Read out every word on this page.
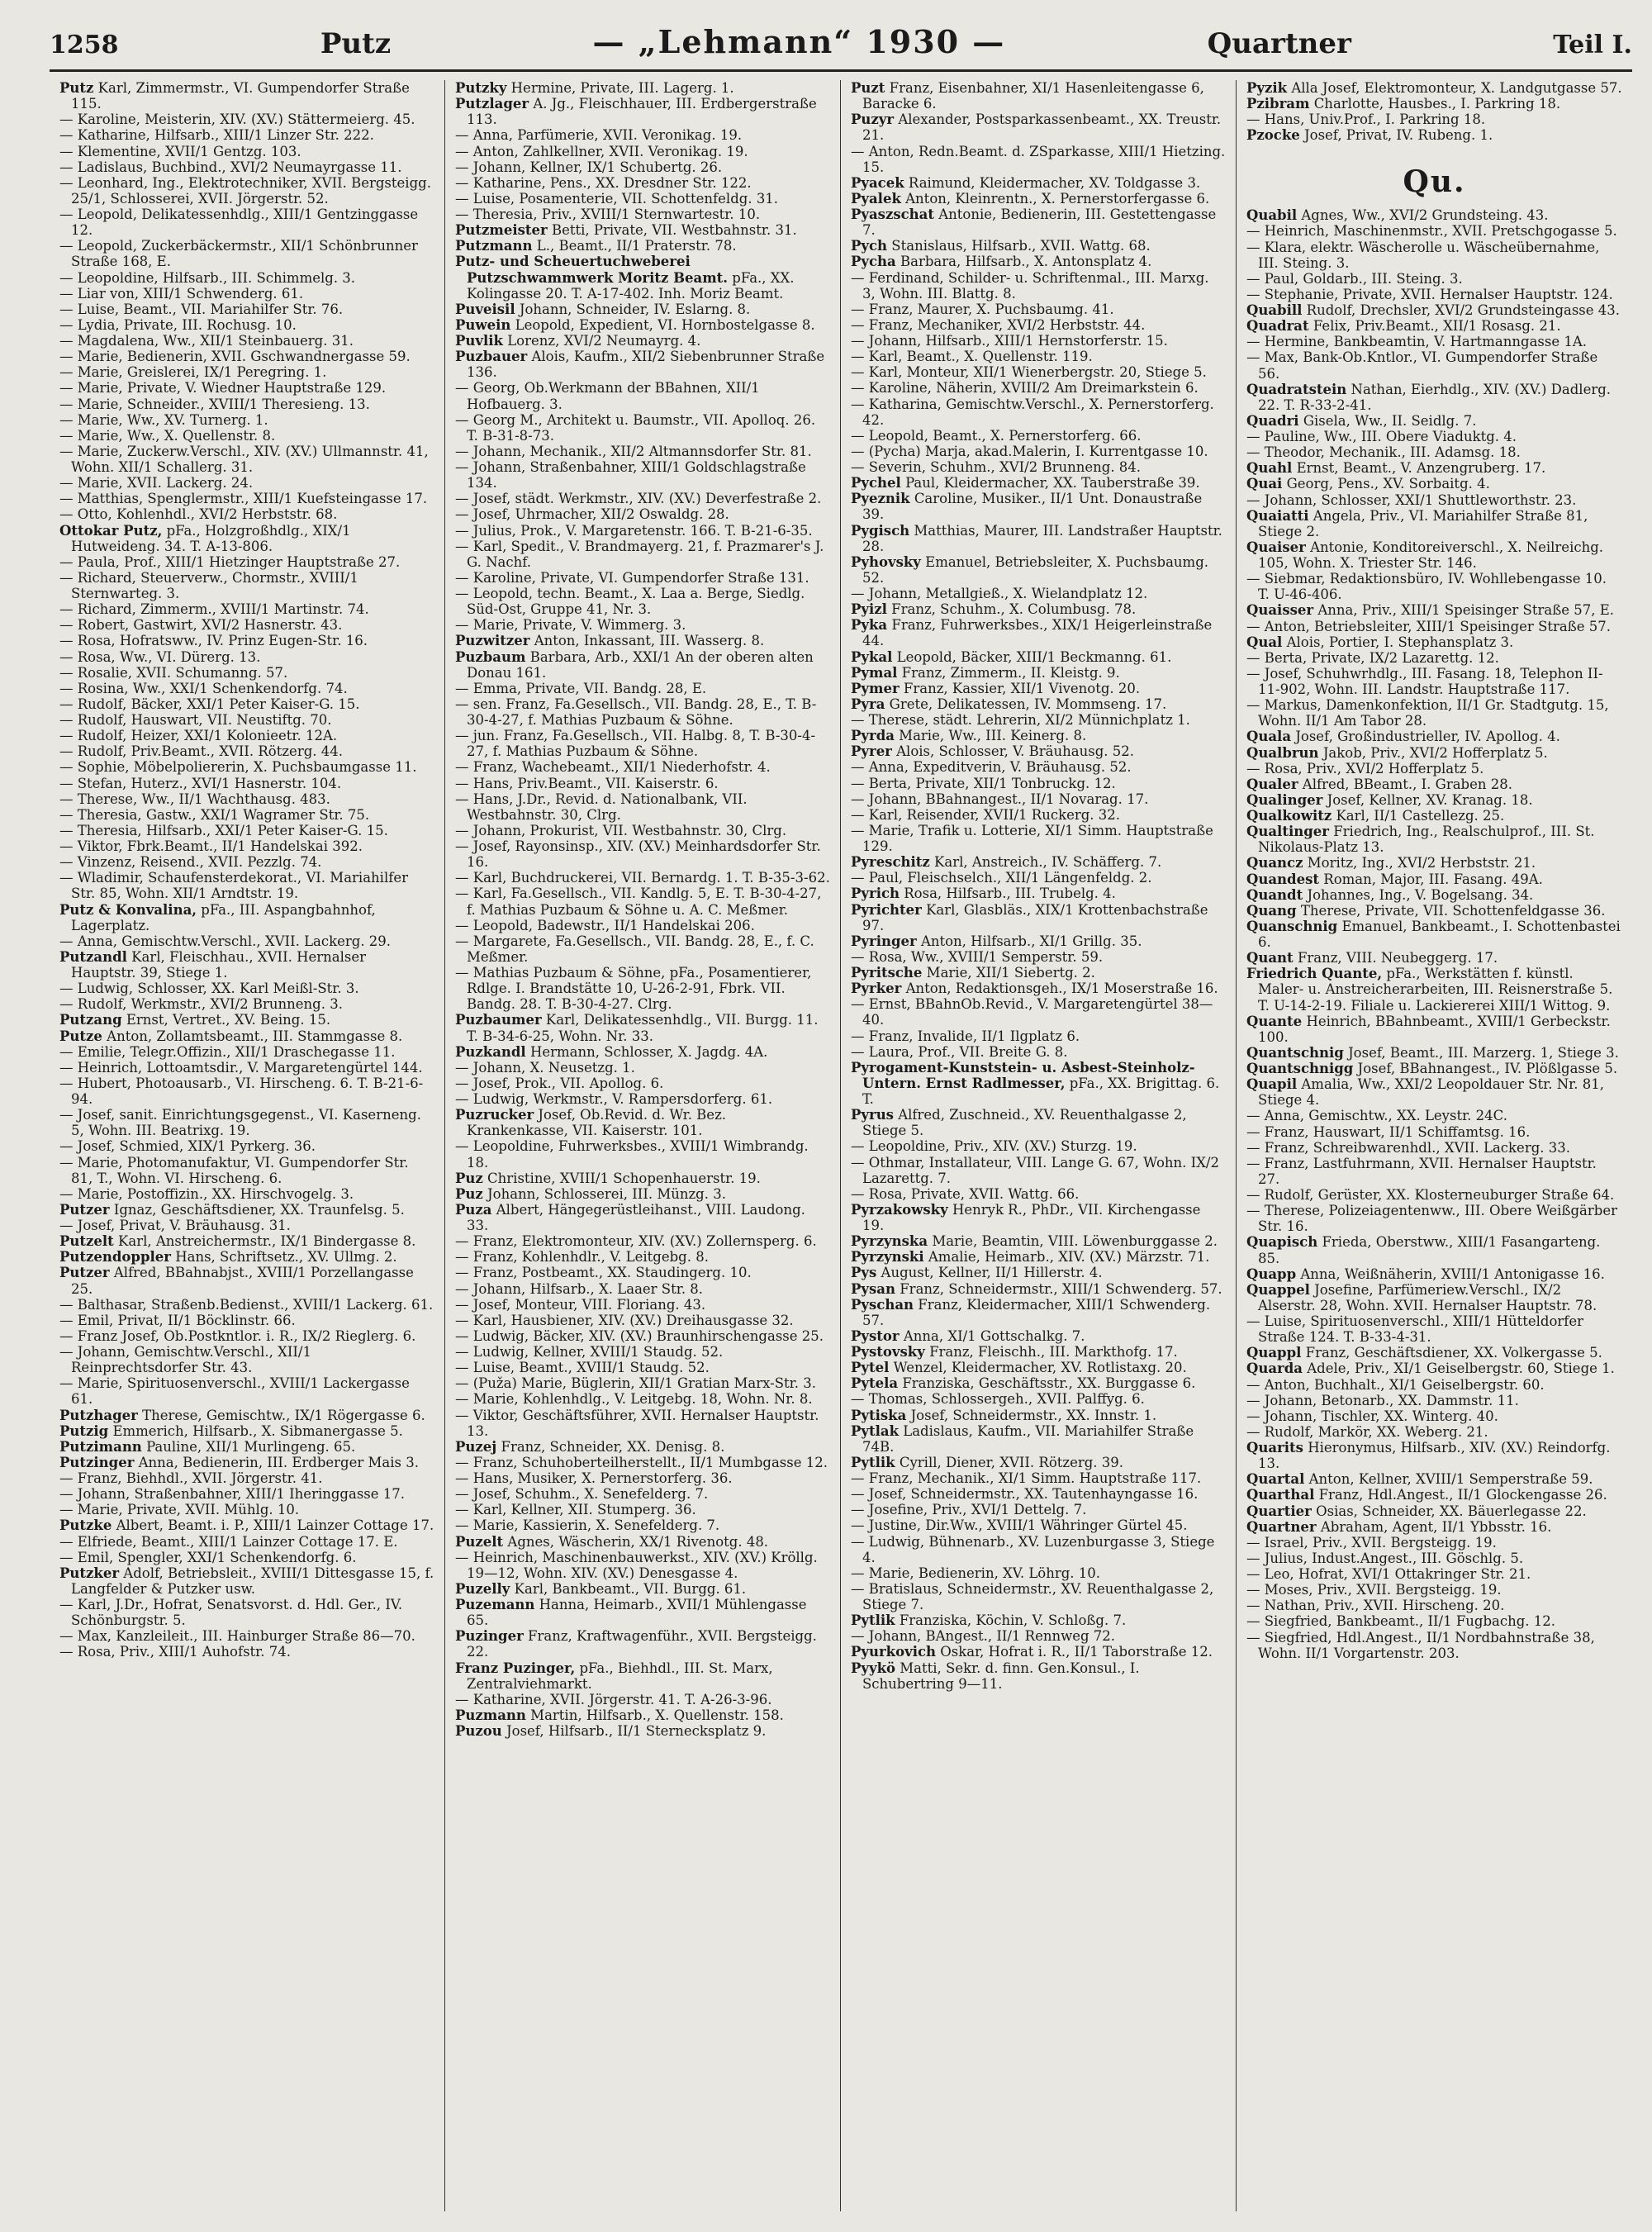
1258	Putz	— „Lehmann“ 1930 —	Quartner	Teil I.

Putz Karl, Zimmermstr., VI. Gumpendorfer Straße 115.

— Karoline, Meisterin, XIV. (XV.) Stättermeierg. 45.

— Katharine, Hilfsarb., XIII/1 Linzer Str. 222.

— Klementine, XVII/1 Gentzg. 103.

— Ladislaus, Buchbind., XVI/2 Neumayrgasse 11.

— Leonhard, Ing., Elektrotechniker, XVII. Bergsteigg. 25/1, Schlosserei, XVII. Jörgerstr. 52.

— Leopold, Delikatessenhdlg., XIII/1 Gentzinggasse 12.

— Leopold, Zuckerbäckermstr., XII/1 Schönbrunner Straße 168, E.

— Leopoldine, Hilfsarb., III. Schimmelg. 3.

— Liar von, XIII/1 Schwenderg. 61.

— Luise, Beamt., VII. Mariahilfer Str. 76.

— Lydia, Private, III. Rochusg. 10.

— Magdalena, Ww., XII/1 Steinbauerg. 31.

— Marie, Bedienerin, XVII. Gschwandnergasse 59.

— Marie, Greislerei, IX/1 Peregring. 1.

— Marie, Private, V. Wiedner Hauptstraße 129.

— Marie, Schneider., XVIII/1 Theresieng. 13.

— Marie, Ww., XV. Turnerg. 1.

— Marie, Ww., X. Quellenstr. 8.

— Marie, Zuckerw.Verschl., XIV. (XV.) Ullmannstr. 41, Wohn. XII/1 Schallerg. 31.

— Marie, XVII. Lackerg. 24.

— Matthias, Spenglermstr., XIII/1 Kuefsteingasse 17.

— Otto, Kohlenhdl., XVI/2 Herbststr. 68.

Ottokar Putz, pFa., Holzgroßhdlg., XIX/1 Hutweideng. 34. T. A-13-806.

— Paula, Prof., XIII/1 Hietzinger Hauptstraße 27.

— Richard, Steuerverw., Chormstr., XVIII/1 Sternwarteg. 3.

— Richard, Zimmerm., XVIII/1 Martinstr. 74.

— Robert, Gastwirt, XVI/2 Hasnerstr. 43.

— Rosa, Hofratsww., IV. Prinz Eugen-Str. 16.

— Rosa, Ww., VI. Dürerg. 13.

— Rosalie, XVII. Schumanng. 57.

— Rosina, Ww., XXI/1 Schenkendorfg. 74.

— Rudolf, Bäcker, XXI/1 Peter Kaiser-G. 15.

— Rudolf, Hauswart, VII. Neustiftg. 70.

— Rudolf, Heizer, XXI/1 Kolonieetr. 12A.

— Rudolf, Priv.Beamt., XVII. Rötzerg. 44.

— Sophie, Möbelpoliererin, X. Puchsbaumgasse 11.

— Stefan, Huterz., XVI/1 Hasnerstr. 104.

— Therese, Ww., II/1 Wachthausg. 483.

— Theresia, Gastw., XXI/1 Wagramer Str. 75.

— Theresia, Hilfsarb., XXI/1 Peter Kaiser-G. 15.

— Viktor, Fbrk.Beamt., II/1 Handelskai 392.

— Vinzenz, Reisend., XVII. Pezzlg. 74.

— Wladimir, Schaufensterdekorat., VI. Mariahilfer Str. 85, Wohn. XII/1 Arndtstr. 19.

Putz & Konvalina, pFa., III. Aspangbahnhof, Lagerplatz.

— Anna, Gemischtw.Verschl., XVII. Lackerg. 29.

Putzandl Karl, Fleischhau., XVII. Hernalser Hauptstr. 39, Stiege 1.

— Ludwig, Schlosser, XX. Karl Meißl-Str. 3.

— Rudolf, Werkmstr., XVI/2 Brunneng. 3.

Putzang Ernst, Vertret., XV. Being. 15.

Putze Anton, Zollamtsbeamt., III. Stammgasse 8.

— Emilie, Telegr.Offizin., XII/1 Draschegasse 11.

— Heinrich, Lottoamtsdir., V. Margaretengürtel 144.

— Hubert, Photoausarb., VI. Hirscheng. 6. T. B-21-6-94.

— Josef, sanit. Einrichtungsgegenst., VI. Kaserneng. 5, Wohn. III. Beatrixg. 19.

— Josef, Schmied, XIX/1 Pyrkerg. 36.

— Marie, Photomanufaktur, VI. Gumpendorfer Str. 81, T., Wohn. VI. Hirscheng. 6.

— Marie, Postoffizin., XX. Hirschvogelg. 3.

Putzer Ignaz, Geschäftsdiener, XX. Traunfelsg. 5.

— Josef, Privat, V. Bräuhausg. 31.

Putzelt Karl, Anstreichermstr., IX/1 Bindergasse 8.

Putzendoppler Hans, Schriftsetz., XV. Ullmg. 2.

Putzer Alfred, BBahnabjst., XVIII/1 Porzellangasse 25.

— Balthasar, Straßenb.Bedienst., XVIII/1 Lackerg. 61.

— Emil, Privat, II/1 Böcklinstr. 66.

— Franz Josef, Ob.Postkntlor. i. R., IX/2 Rieglerg. 6.

— Johann, Gemischtw.Verschl., XII/1 Reinprechtsdorfer Str. 43.

— Marie, Spirituosenverschl., XVIII/1 Lackergasse 61.

Putzhager Therese, Gemischtw., IX/1 Rögergasse 6.

Putzig Emmerich, Hilfsarb., X. Sibmanergasse 5.

Putzimann Pauline, XII/1 Murlingeng. 65.

Putzinger Anna, Bedienerin, III. Erdberger Mais 3.

— Franz, Biehhdl., XVII. Jörgerstr. 41.

— Johann, Straßenbahner, XIII/1 Iheringgasse 17.

— Marie, Private, XVII. Mühlg. 10.

Putzke Albert, Beamt. i. P., XIII/1 Lainzer Cottage 17.

— Elfriede, Beamt., XIII/1 Lainzer Cottage 17. E.

— Emil, Spengler, XXI/1 Schenkendorfg. 6.

Putzker Adolf, Betriebsleit., XVIII/1 Dittesgasse 15, f. Langfelder & Putzker usw.

— Karl, J.Dr., Hofrat, Senatsvorst. d. Hdl. Ger., IV. Schönburgstr. 5.

— Max, Kanzleileit., III. Hainburger Straße 86—70.

— Rosa, Priv., XIII/1 Auhofstr. 74.

Putzky Hermine, Private, III. Lagerg. 1.

Putzlager A. Jg., Fleischhauer, III. Erdbergerstraße 113.

— Anna, Parfümerie, XVII. Veronikag. 19.

— Anton, Zahlkellner, XVII. Veronikag. 19.

— Johann, Kellner, IX/1 Schubertg. 26.

— Katharine, Pens., XX. Dresdner Str. 122.

— Luise, Posamenterie, VII. Schottenfeldg. 31.

— Theresia, Priv., XVIII/1 Sternwartestr. 10.

Putzmeister Betti, Private, VII. Westbahnstr. 31.

Putzmann L., Beamt., II/1 Praterstr. 78.

Putz- und Scheuertuchweberei Putzschwammwerk Moritz Beamt. pFa., XX. Kolingasse 20. T. A-17-402. Inh. Moriz Beamt.

Puveisil Johann, Schneider, IV. Eslarng. 8.

Puwein Leopold, Expedient, VI. Hornbostelgasse 8.

Puvlik Lorenz, XVI/2 Neumayrg. 4.

Puzbauer Alois, Kaufm., XII/2 Siebenbrunner Straße 136.

— Georg, Ob.Werkmann der BBahnen, XII/1 Hofbauerg. 3.

— Georg M., Architekt u. Baumstr., VII. Apolloq. 26. T. B-31-8-73.

— Johann, Mechanik., XII/2 Altmannsdorfer Str. 81.

— Johann, Straßenbahner, XIII/1 Goldschlagstraße 134.

— Josef, städt. Werkmstr., XIV. (XV.) Deverfestraße 2.

— Josef, Uhrmacher, XII/2 Oswaldg. 28.

— Julius, Prok., V. Margaretenstr. 166. T. B-21-6-35.

— Karl, Spedit., V. Brandmayerg. 21, f. Prazmarer's J. G. Nachf.

— Karoline, Private, VI. Gumpendorfer Straße 131.

— Leopold, techn. Beamt., X. Laa a. Berge, Siedlg. Süd-Ost, Gruppe 41, Nr. 3.

— Marie, Private, V. Wimmerg. 3.

Puzwitzer Anton, Inkassant, III. Wasserg. 8.

Puzbaum Barbara, Arb., XXI/1 An der oberen alten Donau 161.

— Emma, Private, VII. Bandg. 28, E.

— sen. Franz, Fa.Gesellsch., VII. Bandg. 28, E., T. B-30-4-27, f. Mathias Puzbaum & Söhne.

— jun. Franz, Fa.Gesellsch., VII. Halbg. 8, T. B-30-4-27, f. Mathias Puzbaum & Söhne.

— Franz, Wachebeamt., XII/1 Niederhofstr. 4.

— Hans, Priv.Beamt., VII. Kaiserstr. 6.

— Hans, J.Dr., Revid. d. Nationalbank, VII. Westbahnstr. 30, Clrg.

— Johann, Prokurist, VII. Westbahnstr. 30, Clrg.

— Josef, Rayonsinsp., XIV. (XV.) Meinhardsdorfer Str. 16.

— Karl, Buchdruckerei, VII. Bernardg. 1. T. B-35-3-62.

— Karl, Fa.Gesellsch., VII. Kandlg. 5, E. T. B-30-4-27, f. Mathias Puzbaum & Söhne u. A. C. Meßmer.

— Leopold, Badewstr., II/1 Handelskai 206.

— Margarete, Fa.Gesellsch., VII. Bandg. 28, E., f. C. Meßmer.

— Mathias Puzbaum & Söhne, pFa., Posamentierer, Rdlge. I. Brandstätte 10, U-26-2-91, Fbrk. VII. Bandg. 28. T. B-30-4-27. Clrg.

Puzbaumer Karl, Delikatessenhdlg., VII. Burgg. 11. T. B-34-6-25, Wohn. Nr. 33.

Puzkandl Hermann, Schlosser, X. Jagdg. 4A.

— Johann, X. Neusetzg. 1.

— Josef, Prok., VII. Apollog. 6.

— Ludwig, Werkmstr., V. Rampersdorferg. 61.

Puzrucker Josef, Ob.Revid. d. Wr. Bez. Krankenkasse, VII. Kaiserstr. 101.

— Leopoldine, Fuhrwerksbes., XVIII/1 Wimbrandg. 18.

Puz Christine, XVIII/1 Schopenhauerstr. 19.

Puz Johann, Schlosserei, III. Münzg. 3.

Puza Albert, Hängegerüstleihanst., VIII. Laudong. 33.

— Franz, Elektromonteur, XIV. (XV.) Zollernsperg. 6.

— Franz, Kohlenhdlr., V. Leitgebg. 8.

— Franz, Postbeamt., XX. Staudingerg. 10.

— Johann, Hilfsarb., X. Laaer Str. 8.

— Josef, Monteur, VIII. Floriang. 43.

— Karl, Hausbiener, XIV. (XV.) Dreihausgasse 32.

— Ludwig, Bäcker, XIV. (XV.) Braunhirschengasse 25.

— Ludwig, Kellner, XVIII/1 Staudg. 52.

— Luise, Beamt., XVIII/1 Staudg. 52.

— (Puža) Marie, Büglerin, XII/1 Gratian Marx-Str. 3.

— Marie, Kohlenhdlg., V. Leitgebg. 18, Wohn. Nr. 8.

— Viktor, Geschäftsführer, XVII. Hernalser Hauptstr. 13.

Puzej Franz, Schneider, XX. Denisg. 8.

— Franz, Schuhoberteilherstellt., II/1 Mumbgasse 12.

— Hans, Musiker, X. Pernerstorferg. 36.

— Josef, Schuhm., X. Senefelderg. 7.

— Karl, Kellner, XII. Stumperg. 36.

— Marie, Kassierin, X. Senefelderg. 7.

Puzelt Agnes, Wäscherin, XX/1 Rivenotg. 48.

— Heinrich, Maschinenbauwerkst., XIV. (XV.) Kröllg. 19—12, Wohn. XIV. (XV.) Denesgasse 4.

Puzelly Karl, Bankbeamt., VII. Burgg. 61.

Puzemann Hanna, Heimarb., XVII/1 Mühlengasse 65.

Puzinger Franz, Kraftwagenführ., XVII. Bergsteigg. 22.

Franz Puzinger, pFa., Biehhdl., III. St. Marx, Zentralviehmarkt.

— Katharine, XVII. Jörgerstr. 41. T. A-26-3-96.

Puzmann Martin, Hilfsarb., X. Quellenstr. 158.

Puzou Josef, Hilfsarb., II/1 Sternecksplatz 9.

Puzt Franz, Eisenbahner, XI/1 Hasenleitengasse 6, Baracke 6.

Puzyr Alexander, Postsparkassenbeamt., XX. Treustr. 21.

— Anton, Redn.Beamt. d. ZSparkasse, XIII/1 Hietzing. 15.

Pyacek Raimund, Kleidermacher, XV. Toldgasse 3.

Pyalek Anton, Kleinrentn., X. Pernerstorfergasse 6.

Pyaszschat Antonie, Bedienerin, III. Gestettengasse 7.

Pych Stanislaus, Hilfsarb., XVII. Wattg. 68.

Pycha Barbara, Hilfsarb., X. Antonsplatz 4.

— Ferdinand, Schilder- u. Schriftenmal., III. Marxg. 3, Wohn. III. Blattg. 8.

— Franz, Maurer, X. Puchsbaumg. 41.

— Franz, Mechaniker, XVI/2 Herbststr. 44.

— Johann, Hilfsarb., XIII/1 Hernstorferstr. 15.

— Karl, Beamt., X. Quellenstr. 119.

— Karl, Monteur, XII/1 Wienerbergstr. 20, Stiege 5.

— Karoline, Näherin, XVIII/2 Am Dreimarkstein 6.

— Katharina, Gemischtw.Verschl., X. Pernerstorferg. 42.

— Leopold, Beamt., X. Pernerstorferg. 66.

— (Pycha) Marja, akad.Malerin, I. Kurrentgasse 10.

— Severin, Schuhm., XVI/2 Brunneng. 84.

Pychel Paul, Kleidermacher, XX. Tauberstraße 39.

Pyeznik Caroline, Musiker., II/1 Unt. Donaustraße 39.

Pygisch Matthias, Maurer, III. Landstraßer Hauptstr. 28.

Pyhovsky Emanuel, Betriebsleiter, X. Puchsbaumg. 52.

— Johann, Metallgieß., X. Wielandplatz 12.

Pyizl Franz, Schuhm., X. Columbusg. 78.

Pyka Franz, Fuhrwerksbes., XIX/1 Heigerleinstraße 44.

Pykal Leopold, Bäcker, XIII/1 Beckmanng. 61.

Pymal Franz, Zimmerm., II. Kleistg. 9.

Pymer Franz, Kassier, XII/1 Vivenotg. 20.

Pyra Grete, Delikatessen, IV. Mommseng. 17.

— Therese, städt. Lehrerin, XI/2 Münnichplatz 1.

Pyrda Marie, Ww., III. Keinerg. 8.

Pyrer Alois, Schlosser, V. Bräuhausg. 52.

— Anna, Expeditverin, V. Bräuhausg. 52.

— Berta, Private, XII/1 Tonbruckg. 12.

— Johann, BBahnangest., II/1 Novarag. 17.

— Karl, Reisender, XVII/1 Ruckerg. 32.

— Marie, Trafik u. Lotterie, XI/1 Simm. Hauptstraße 129.

Pyreschitz Karl, Anstreich., IV. Schäfferg. 7.

— Paul, Fleischselch., XII/1 Längenfeldg. 2.

Pyrich Rosa, Hilfsarb., III. Trubelg. 4.

Pyrichter Karl, Glasbläs., XIX/1 Krottenbachstraße 97.

Pyringer Anton, Hilfsarb., XI/1 Grillg. 35.

— Rosa, Ww., XVIII/1 Semperstr. 59.

Pyritsche Marie, XII/1 Siebertg. 2.

Pyrker Anton, Redaktionsgeh., IX/1 Moserstraße 16.

— Ernst, BBahnOb.Revid., V. Margaretengürtel 38—40.

— Franz, Invalide, II/1 Ilgplatz 6.

— Laura, Prof., VII. Breite G. 8.

Pyrogament-Kunststein- u. Asbest-Steinholz-Untern. Ernst Radlmesser, pFa., XX. Brigittag. 6. T.

Pyrus Alfred, Zuschneid., XV. Reuenthalgasse 2, Stiege 5.

— Leopoldine, Priv., XIV. (XV.) Sturzg. 19.

— Othmar, Installateur, VIII. Lange G. 67, Wohn. IX/2 Lazarettg. 7.

— Rosa, Private, XVII. Wattg. 66.

Pyrzakowsky Henryk R., PhDr., VII. Kirchengasse 19.

Pyrzynska Marie, Beamtin, VIII. Löwenburggasse 2.

Pyrzynski Amalie, Heimarb., XIV. (XV.) Märzstr. 71.

Pys August, Kellner, II/1 Hillerstr. 4.

Pysan Franz, Schneidermstr., XIII/1 Schwenderg. 57.

Pyschan Franz, Kleidermacher, XIII/1 Schwenderg. 57.

Pystor Anna, XI/1 Gottschalkg. 7.

Pystovsky Franz, Fleischh., III. Markthofg. 17.

Pytel Wenzel, Kleidermacher, XV. Rotlistaxg. 20.

Pytela Franziska, Geschäftsstr., XX. Burggasse 6.

— Thomas, Schlossergeh., XVII. Palffyg. 6.

Pytiska Josef, Schneidermstr., XX. Innstr. 1.

Pytlak Ladislaus, Kaufm., VII. Mariahilfer Straße 74B.

Pytlik Cyrill, Diener, XVII. Rötzerg. 39.

— Franz, Mechanik., XI/1 Simm. Hauptstraße 117.

— Josef, Schneidermstr., XX. Tautenhayngasse 16.

— Josefine, Priv., XVI/1 Dettelg. 7.

— Justine, Dir.Ww., XVIII/1 Währinger Gürtel 45.

— Ludwig, Bühnenarb., XV. Luzenburgasse 3, Stiege 4.

— Marie, Bedienerin, XV. Löhrg. 10.

— Bratislaus, Schneidermstr., XV. Reuenthalgasse 2, Stiege 7.

Pytlik Franziska, Köchin, V. Schloßg. 7.

— Johann, BAngest., II/1 Rennweg 72.

Pyurkovich Oskar, Hofrat i. R., II/1 Taborstraße 12.

Pyykö Matti, Sekr. d. finn. Gen.Konsul., I. Schubertring 9—11.

Pyzik Alla Josef, Elektromonteur, X. Landgutgasse 57.

Pzibram Charlotte, Hausbes., I. Parkring 18.

— Hans, Univ.Prof., I. Parkring 18.

Pzocke Josef, Privat, IV. Rubeng. 1.

Qu.

Quabil Agnes, Ww., XVI/2 Grundsteing. 43.

— Heinrich, Maschinenmstr., XVII. Pretschgogasse 5.

— Klara, elektr. Wäscherolle u. Wäscheübernahme, III. Steing. 3.

— Paul, Goldarb., III. Steing. 3.

— Stephanie, Private, XVII. Hernalser Hauptstr. 124.

Quabill Rudolf, Drechsler, XVI/2 Grundsteingasse 43.

Quadrat Felix, Priv.Beamt., XII/1 Rosasg. 21.

— Hermine, Bankbeamtin, V. Hartmanngasse 1A.

— Max, Bank-Ob.Kntlor., VI. Gumpendorfer Straße 56.

Quadratstein Nathan, Eierhdlg., XIV. (XV.) Dadlerg. 22. T. R-33-2-41.

Quadri Gisela, Ww., II. Seidlg. 7.

— Pauline, Ww., III. Obere Viaduktg. 4.

— Theodor, Mechanik., III. Adamsg. 18.

Quahl Ernst, Beamt., V. Anzengruberg. 17.

Quai Georg, Pens., XV. Sorbaitg. 4.

— Johann, Schlosser, XXI/1 Shuttleworthstr. 23.

Quaiatti Angela, Priv., VI. Mariahilfer Straße 81, Stiege 2.

Quaiser Antonie, Konditoreiverschl., X. Neilreichg. 105, Wohn. X. Triester Str. 146.

— Siebmar, Redaktionsbüro, IV. Wohllebengasse 10. T. U-46-406.

Quaisser Anna, Priv., XIII/1 Speisinger Straße 57, E.

— Anton, Betriebsleiter, XIII/1 Speisinger Straße 57.

Qual Alois, Portier, I. Stephansplatz 3.

— Berta, Private, IX/2 Lazarettg. 12.

— Josef, Schuhwrhdlg., III. Fasang. 18, Telephon II-11-902, Wohn. III. Landstr. Hauptstraße 117.

— Markus, Damenkonfektion, II/1 Gr. Stadtgutg. 15, Wohn. II/1 Am Tabor 28.

Quala Josef, Großindustrieller, IV. Apollog. 4.

Qualbrun Jakob, Priv., XVI/2 Hofferplatz 5.

— Rosa, Priv., XVI/2 Hofferplatz 5.

Qualer Alfred, BBeamt., I. Graben 28.

Qualinger Josef, Kellner, XV. Kranag. 18.

Qualkowitz Karl, II/1 Castellezg. 25.

Qualtinger Friedrich, Ing., Realschulprof., III. St. Nikolaus-Platz 13.

Quancz Moritz, Ing., XVI/2 Herbststr. 21.

Quandest Roman, Major, III. Fasang. 49A.

Quandt Johannes, Ing., V. Bogelsang. 34.

Quang Therese, Private, VII. Schottenfeldgasse 36.

Quanschnig Emanuel, Bankbeamt., I. Schottenbastei 6.

Quant Franz, VIII. Neubeggerg. 17.

Friedrich Quante, pFa., Werkstätten f. künstl. Maler- u. Anstreicherarbeiten, III. Reisnerstraße 5. T. U-14-2-19. Filiale u. Lackiererei XIII/1 Wittog. 9.

Quante Heinrich, BBahnbeamt., XVIII/1 Gerbeckstr. 100.

Quantschnig Josef, Beamt., III. Marzerg. 1, Stiege 3.

Quantschnigg Josef, BBahnangest., IV. Plößlgasse 5.

Quapil Amalia, Ww., XXI/2 Leopoldauer Str. Nr. 81, Stiege 4.

— Anna, Gemischtw., XX. Leystr. 24C.

— Franz, Hauswart, II/1 Schiffamtsg. 16.

— Franz, Schreibwarenhdl., XVII. Lackerg. 33.

— Franz, Lastfuhrmann, XVII. Hernalser Hauptstr. 27.

— Rudolf, Gerüster, XX. Klosterneuburger Straße 64.

— Therese, Polizeiagentenww., III. Obere Weißgärber Str. 16.

Quapisch Frieda, Oberstww., XIII/1 Fasangarteng. 85.

Quapp Anna, Weißnäherin, XVIII/1 Antonigasse 16.

Quappel Josefine, Parfümeriew.Verschl., IX/2 Alserstr. 28, Wohn. XVII. Hernalser Hauptstr. 78.

— Luise, Spirituosenverschl., XIII/1 Hütteldorfer Straße 124. T. B-33-4-31.

Quappl Franz, Geschäftsdiener, XX. Volkergasse 5.

Quarda Adele, Priv., XI/1 Geiselbergstr. 60, Stiege 1.

— Anton, Buchhalt., XI/1 Geiselbergstr. 60.

— Johann, Betonarb., XX. Dammstr. 11.

— Johann, Tischler, XX. Winterg. 40.

— Rudolf, Markör, XX. Weberg. 21.

Quarits Hieronymus, Hilfsarb., XIV. (XV.) Reindorfg. 13.

Quartal Anton, Kellner, XVIII/1 Semperstraße 59.

Quarthal Franz, Hdl.Angest., II/1 Glockengasse 26.

Quartier Osias, Schneider, XX. Bäuerlegasse 22.

Quartner Abraham, Agent, II/1 Ybbsstr. 16.

— Israel, Priv., XVII. Bergsteigg. 19.

— Julius, Indust.Angest., III. Göschlg. 5.

— Leo, Hofrat, XVI/1 Ottakringer Str. 21.

— Moses, Priv., XVII. Bergsteigg. 19.

— Nathan, Priv., XVII. Hirscheng. 20.

— Siegfried, Bankbeamt., II/1 Fugbachg. 12.

— Siegfried, Hdl.Angest., II/1 Nordbahnstraße 38, Wohn. II/1 Vorgartenstr. 203.
